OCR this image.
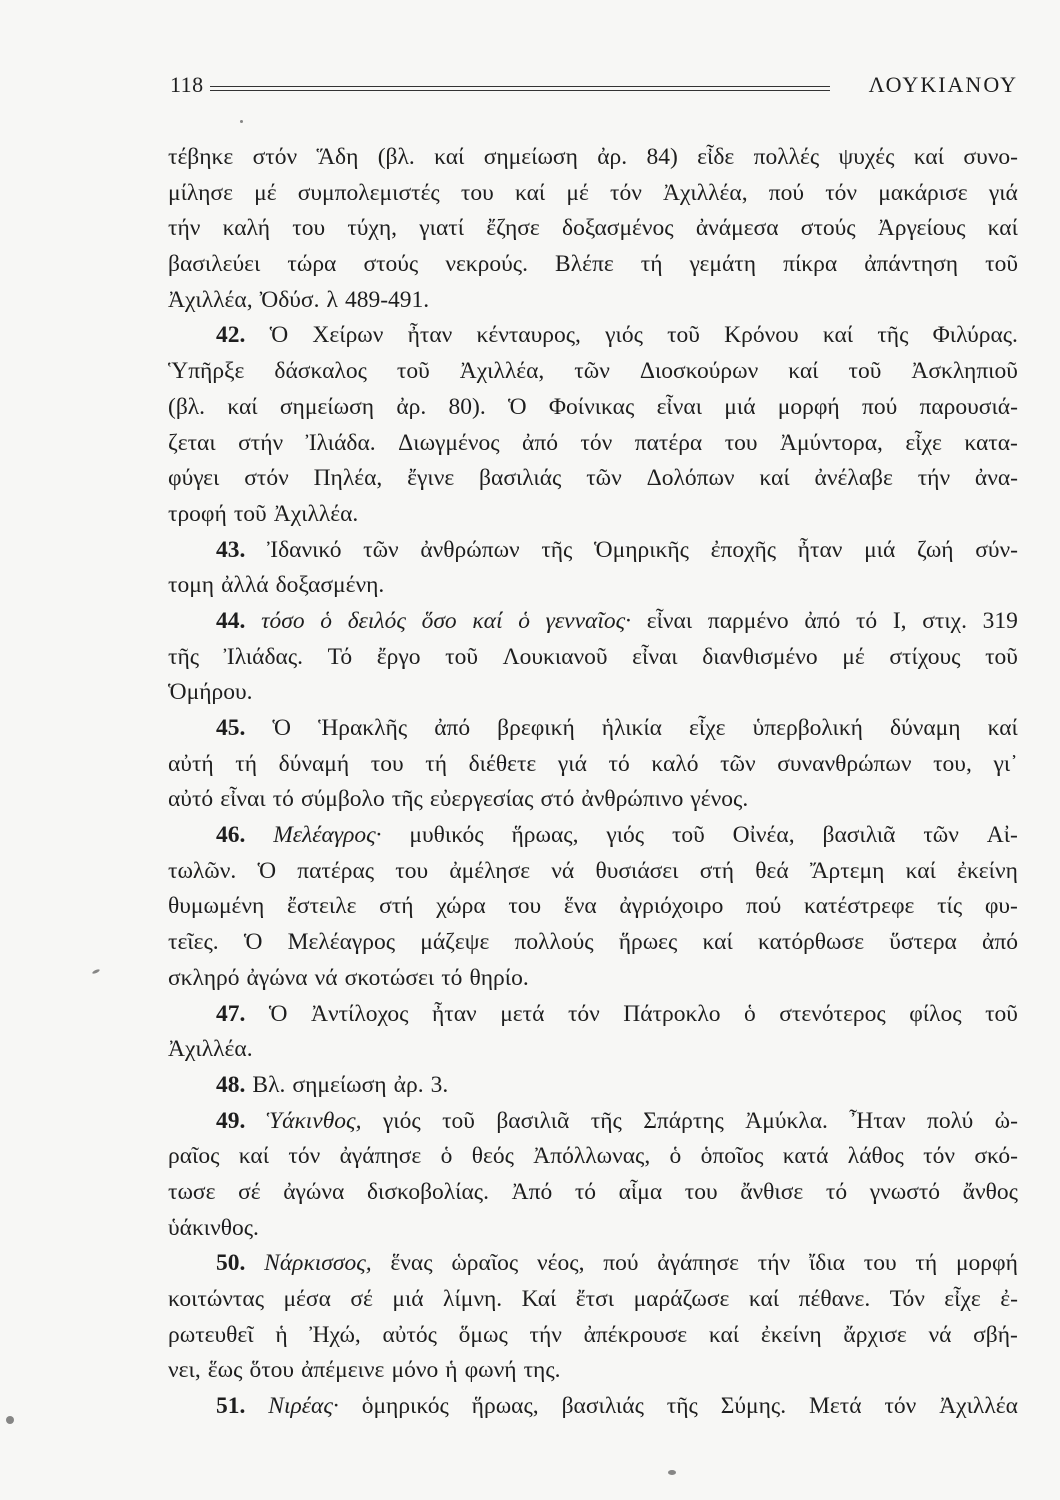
118	ΛΟΥΚΙΑΝΟΥ
τέβηκε στόν Ἅδη (βλ. καί σημείωση ἀρ. 84) εἶδε πολλές ψυχές καί συνο-
μίλησε μέ συμπολεμιστές του καί μέ τόν Ἀχιλλέα, πού τόν μακάρισε γιά
τήν καλή του τύχη, γιατί ἔζησε δοξασμένος ἀνάμεσα στούς Ἀργείους καί
βασιλεύει τώρα στούς νεκρούς. Βλέπε τή γεμάτη πίκρα ἀπάντηση τοῦ
Ἀχιλλέα, Ὀδύσ. λ 489-491.
42. Ὁ Χείρων ἦταν κένταυρος, γιός τοῦ Κρόνου καί τῆς Φιλύρας.
Ὑπῆρξε δάσκαλος τοῦ Ἀχιλλέα, τῶν Διοσκούρων καί τοῦ Ἀσκληπιοῦ
(βλ. καί σημείωση ἀρ. 80). Ὁ Φοίνικας εἶναι μιά μορφή πού παρουσιά-
ζεται στήν Ἰλιάδα. Διωγμένος ἀπό τόν πατέρα του Ἀμύντορα, εἶχε κατα-
φύγει στόν Πηλέα, ἔγινε βασιλιάς τῶν Δολόπων καί ἀνέλαβε τήν ἀνα-
τροφή τοῦ Ἀχιλλέα.
43. Ἰδανικό τῶν ἀνθρώπων τῆς Ὁμηρικῆς ἐποχῆς ἦταν μιά ζωή σύν-
τομη ἀλλά δοξασμένη.
44. τόσο ὁ δειλός ὅσο καί ὁ γενναῖος· εἶναι παρμένο ἀπό τό Ι, στιχ. 319
τῆς Ἰλιάδας. Τό ἔργο τοῦ Λουκιανοῦ εἶναι διανθισμένο μέ στίχους τοῦ
Ὁμήρου.
45. Ὁ Ἡρακλῆς ἀπό βρεφική ἡλικία εἶχε ὑπερβολική δύναμη καί
αὐτή τή δύναμή του τή διέθετε γιά τό καλό τῶν συνανθρώπων του, γι᾽
αὐτό εἶναι τό σύμβολο τῆς εὐεργεσίας στό ἀνθρώπινο γένος.
46. Μελέαγρος· μυθικός ἥρωας, γιός τοῦ Οἰνέα, βασιλιᾶ τῶν Αἰ-
τωλῶν. Ὁ πατέρας του ἀμέλησε νά θυσιάσει στή θεά Ἄρτεμη καί ἐκείνη
θυμωμένη ἔστειλε στή χώρα του ἕνα ἀγριόχοιρο πού κατέστρεφε τίς φυ-
τεῖες. Ὁ Μελέαγρος μάζεψε πολλούς ἥρωες καί κατόρθωσε ὕστερα ἀπό
σκληρό ἀγώνα νά σκοτώσει τό θηρίο.
47. Ὁ Ἀντίλοχος ἦταν μετά τόν Πάτροκλο ὁ στενότερος φίλος τοῦ
Ἀχιλλέα.
48. Βλ. σημείωση ἀρ. 3.
49. Ὑάκινθος, γιός τοῦ βασιλιᾶ τῆς Σπάρτης Ἀμύκλα. Ἦταν πολύ ὠ-
ραῖος καί τόν ἀγάπησε ὁ θεός Ἀπόλλωνας, ὁ ὁποῖος κατά λάθος τόν σκό-
τωσε σέ ἀγώνα δισκοβολίας. Ἀπό τό αἷμα του ἄνθισε τό γνωστό ἄνθος
ὑάκινθος.
50. Νάρκισσος, ἕνας ὡραῖος νέος, πού ἀγάπησε τήν ἴδια του τή μορφή
κοιτώντας μέσα σέ μιά λίμνη. Καί ἔτσι μαράζωσε καί πέθανε. Τόν εἶχε ἐ-
ρωτευθεῖ ἡ Ἠχώ, αὐτός ὅμως τήν ἀπέκρουσε καί ἐκείνη ἄρχισε νά σβή-
νει, ἕως ὅτου ἀπέμεινε μόνο ἡ φωνή της.
51. Νιρέας· ὁμηρικός ἥρωας, βασιλιάς τῆς Σύμης. Μετά τόν Ἀχιλλέα
